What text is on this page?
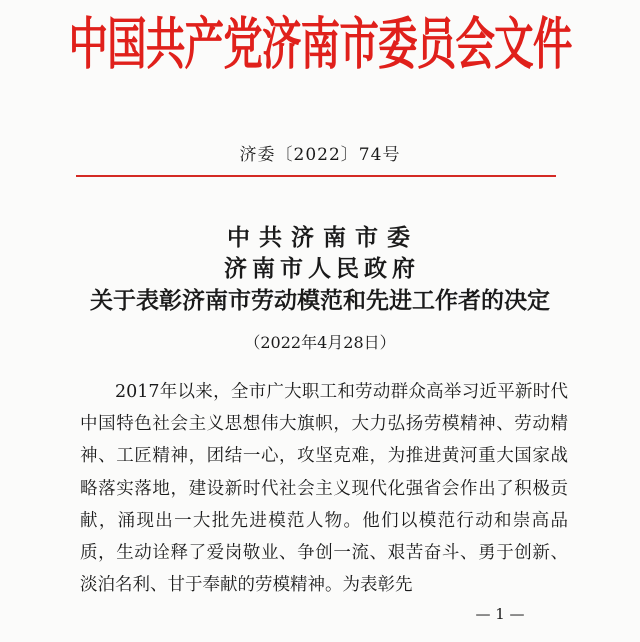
中国共产党济南市委员会文件
济委〔2022〕74号
中共济南市委
济南市人民政府
关于表彰济南市劳动模范和先进工作者的决定
（2022年4月28日）

2017年以来，全市广大职工和劳动群众高举习近平新时代中国特色社会主义思想伟大旗帜，大力弘扬劳模精神、劳动精神、工匠精神，团结一心，攻坚克难，为推进黄河重大国家战略落实落地，建设新时代社会主义现代化强省会作出了积极贡献，涌现出一大批先进模范人物。他们以模范行动和崇高品质，生动诠释了爱岗敬业、争创一流、艰苦奋斗、勇于创新、淡泊名利、甘于奉献的劳模精神。为表彰先

— 1 —
